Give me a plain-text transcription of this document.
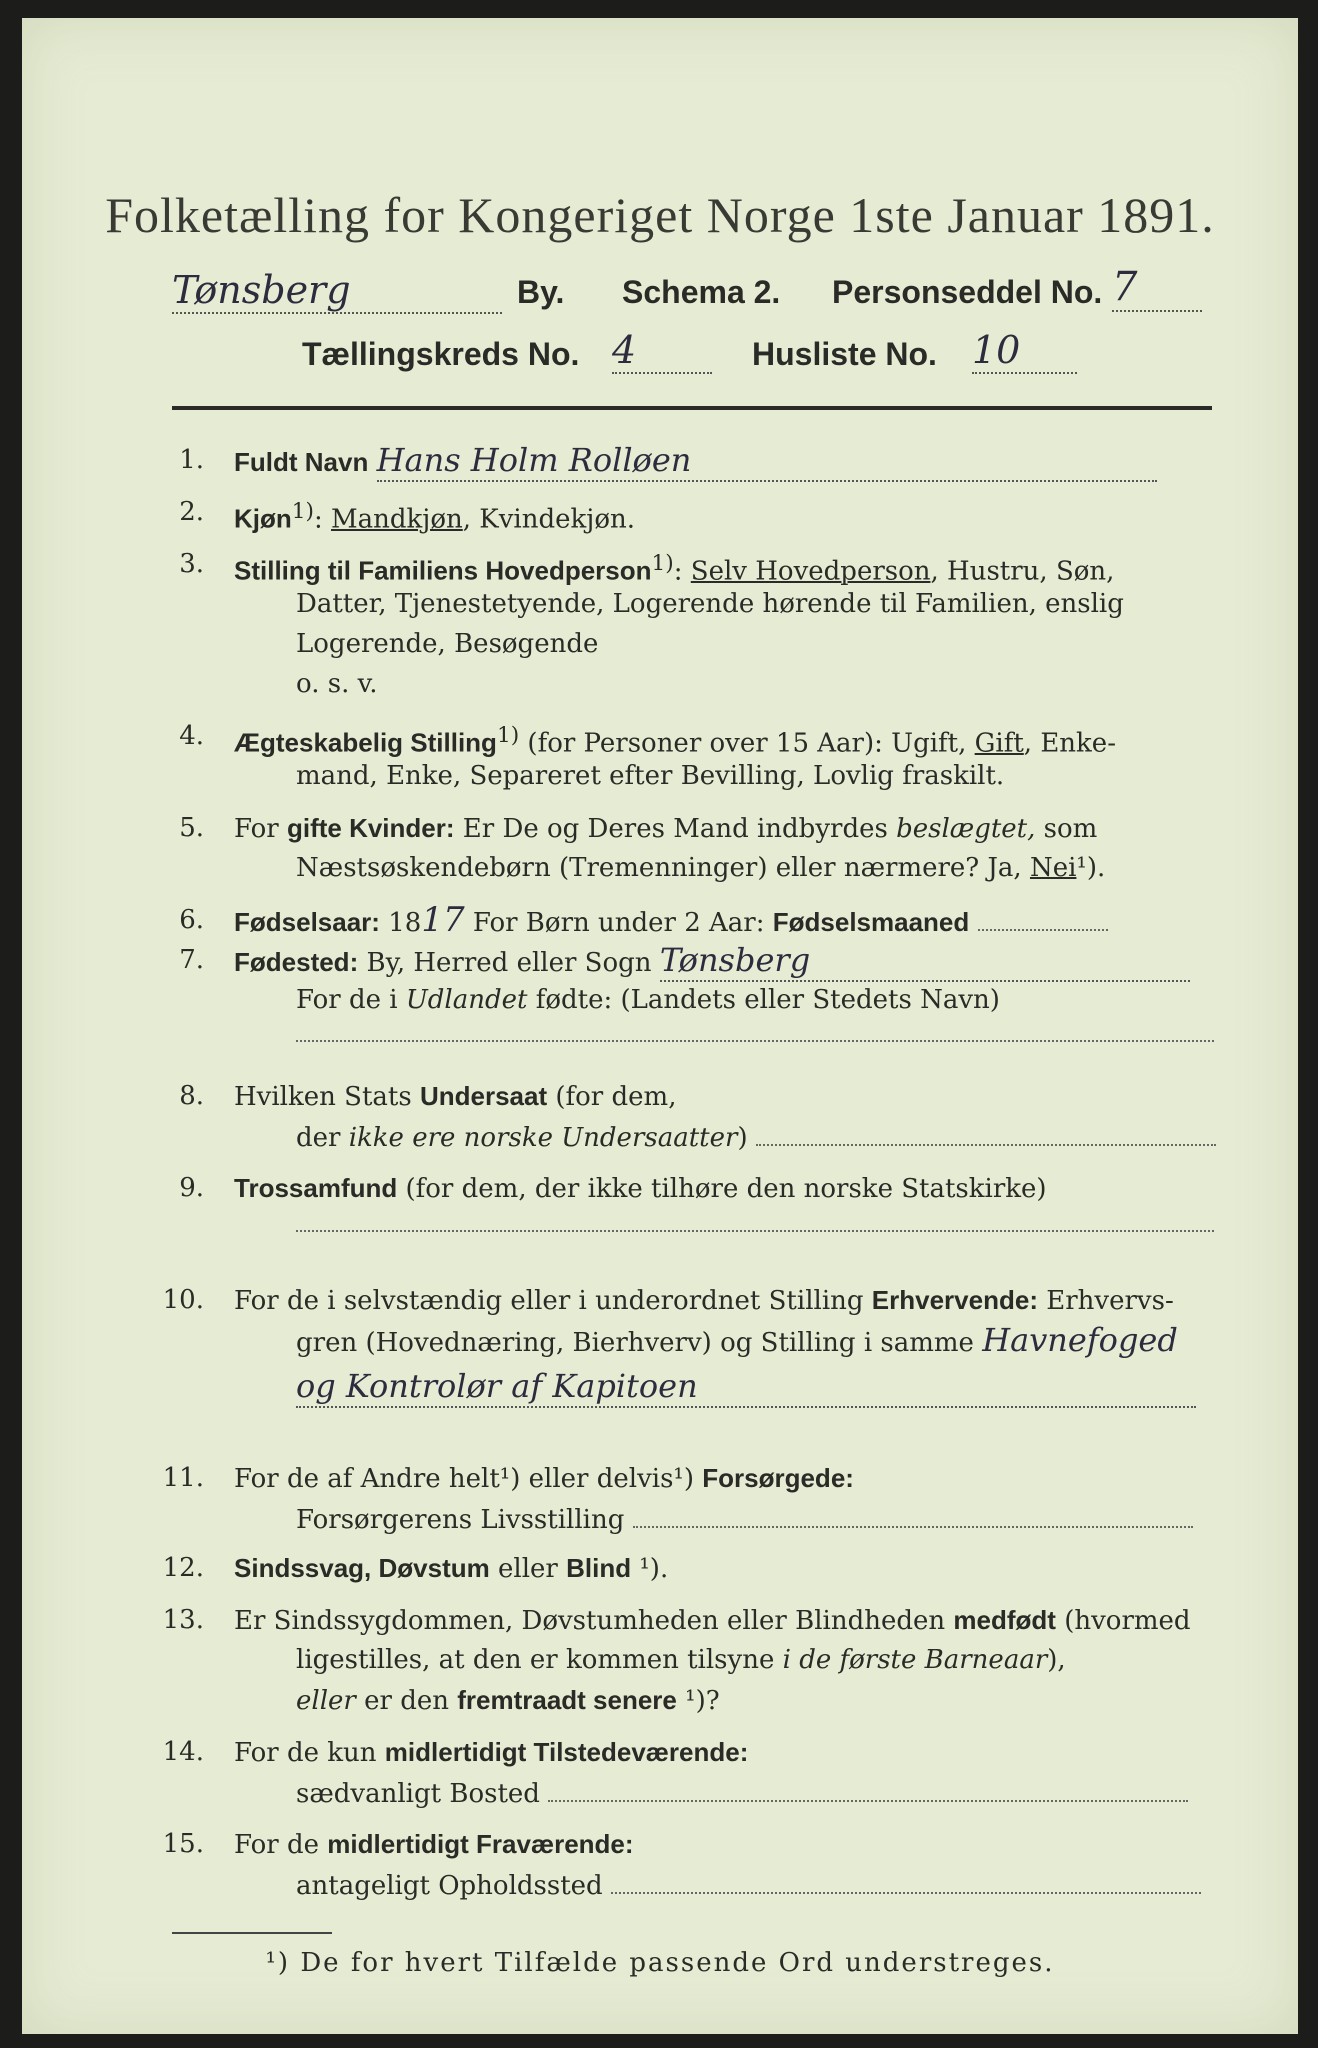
Folketælling for Kongeriget Norge 1ste Januar 1891.
Tønsberg	By. Schema 2. Personseddel No. 7
Tællingskreds No. 4	Husliste No. 10
1. Fuldt Navn Hans Holm Rolløen
2. Kjøn$^{1)}$: Mandkjøn, Kvindekjøn.
3. Stilling til Familiens Hovedperson$^{1)}$: Selv Hovedperson, Hustru, Søn,
Datter, Tjenestetyende, Logerende hørende til Familien, enslig
Logerende, Besøgende
o. s. v.
4. Ægteskabelig Stilling$^{1)}$ (for Personer over 15 Aar): Ugift, Gift, Enke-
mand, Enke, Separeret efter Bevilling, Lovlig fraskilt.
5. For gifte Kvinder: Er De og Deres Mand indbyrdes beslægtet, som
Næstsøskendebørn (Tremenninger) eller nærmere? Ja, Nei¹).
6. Fødselsaar: 1817 For Børn under 2 Aar: Fødselsmaaned
7. Fødested: By, Herred eller Sogn Tønsberg
For de i Udlandet fødte: (Landets eller Stedets Navn)
8. Hvilken Stats Undersaat (for dem,
der ikke ere norske Undersaatter)
9. Trossamfund (for dem, der ikke tilhøre den norske Statskirke)
10. For de i selvstændig eller i underordnet Stilling Erhvervende: Erhvervs-
gren (Hovednæring, Bierhverv) og Stilling i samme Havnefoged
og Kontrolør af Kapitoen
11. For de af Andre helt¹) eller delvis¹) Forsørgede:
Forsørgerens Livsstilling
12. Sindssvag, Døvstum eller Blind ¹).
13. Er Sindssygdommen, Døvstumheden eller Blindheden medfødt (hvormed
ligestilles, at den er kommen tilsyne i de første Barneaar),
eller er den fremtraadt senere ¹)?
14. For de kun midlertidigt Tilstedeværende:
sædvanligt Bosted
15. For de midlertidigt Fraværende:
antageligt Opholdssted
¹) De for hvert Tilfælde passende Ord understreges.
